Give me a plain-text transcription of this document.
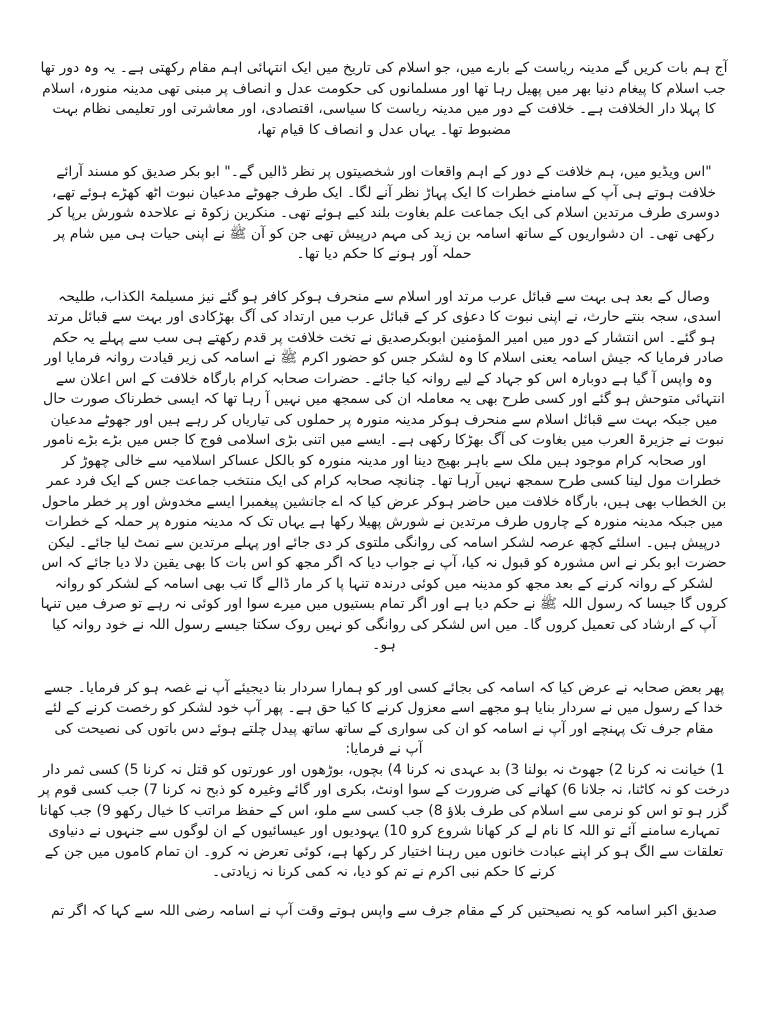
آج ہم بات کریں گے مدینہ ریاست کے بارے میں، جو اسلام کی تاریخ میں ایک انتہائی اہم مقام رکھتی ہے۔ یہ وہ دور تھا جب اسلام کا پیغام دنیا بھر میں پھیل رہا تھا اور مسلمانوں کی حکومت عدل و انصاف پر مبنی تھی مدینہ منورہ، اسلام کا پہلا دار الخلافت ہے۔ خلافت کے دور میں مدینہ ریاست کا سیاسی، اقتصادی، اور معاشرتی اور تعلیمی نظام بہت مضبوط تھا۔ یہاں عدل و انصاف کا قیام تھا،

"اس ویڈیو میں، ہم خلافت کے دور کے اہم واقعات اور شخصیتوں پر نظر ڈالیں گے۔" ابو بکر صدیق کو مسند آرائے خلافت ہوتے ہی آپ کے سامنے خطرات کا ایک پہاڑ نظر آنے لگا۔ ایک طرف جھوٹے مدعیان نبوت اٹھ کھڑے ہوئے تھے، دوسری طرف مرتدین اسلام کی ایک جماعت علم بغاوت بلند کیے ہوئے تھی۔ منکرین زکوۃ نے علاحدہ شورش برپا کر رکھی تھی۔ ان دشواریوں کے ساتھ اسامہ بن زید کی مہم درپیش تھی جن کو آن ﷺ نے اپنی حیات ہی میں شام پر حملہ آور ہونے کا حکم دیا تھا۔

وصال کے بعد ہی بہت سے قبائل عرب مرتد اور اسلام سے منحرف ہوکر کافر ہو گئے نیز مسیلمۃ الکذاب، طلیحہ اسدی، سجہ بنتے حارث، نے اپنی نبوت کا دعوٰی کر کے قبائل عرب میں ارتداد کی آگ بھڑکادی اور بہت سے قبائل مرتد ہو گئے۔ اس انتشار کے دور میں امیر المؤمنین ابوبکرصدیق نے تخت خلافت پر قدم رکھتے ہی سب سے پہلے یہ حکم صادر فرمایا کہ جیش اسامہ یعنی اسلام کا وہ لشکر جس کو حضور اکرم ﷺ نے اسامہ کی زیر قیادت روانہ فرمایا اور وہ واپس آ گیا ہے دوبارہ اس کو جہاد کے لیے روانہ کیا جائے۔ حضرات صحابہ کرام بارگاہ خلافت کے اس اعلان سے انتہائی متوحش ہو گئے اور کسی طرح بھی یہ معاملہ ان کی سمجھ میں نہیں آ رہا تھا کہ ایسی خطرناک صورت حال میں جبکہ بہت سے قبائل اسلام سے منحرف ہوکر مدینہ منورہ پر حملوں کی تیاریاں کر رہے ہیں اور جھوٹے مدعیان نبوت نے جزیرۃ العرب میں بغاوت کی آگ بھڑکا رکھی ہے۔ ایسے میں اتنی بڑی اسلامی فوج کا جس میں بڑے بڑے نامور اور صحابہ کرام موجود ہیں ملک سے باہر بھیج دینا اور مدینہ منورہ کو بالکل عساکر اسلامیہ سے خالی چھوڑ کر خطرات مول لینا کسی طرح سمجھ نہیں آرہا تھا۔ چنانچہ صحابہ کرام کی ایک منتخب جماعت جس کے ایک فرد عمر بن الخطاب بھی ہیں، بارگاہ خلافت میں حاضر ہوکر عرض کیا کہ اے جانشین پیغمبرا ایسے مخدوش اور پر خطر ماحول میں جبکہ مدینہ منورہ کے چاروں طرف مرتدین نے شورش پھیلا رکھا ہے یہاں تک کہ مدینہ منورہ پر حملہ کے خطرات درپیش ہیں۔ اسلئے کچھ عرصہ لشکر اسامہ کی روانگی ملتوی کر دی جائے اور پہلے مرتدین سے نمٹ لیا جائے۔ لیکن حضرت ابو بکر نے اس مشورہ کو قبول نہ کیا، آپ نے جواب دیا کہ اگر مجھ کو اس بات کا بھی یقین دلا دیا جائے کہ اس لشکر کے روانہ کرنے کے بعد مجھ کو مدینہ میں کوئی درندہ تنہا پا کر مار ڈالے گا تب بھی اسامہ کے لشکر کو روانہ کروں گا جیسا کہ رسول اللہ ﷺ نے حکم دیا ہے اور اگر تمام بستیوں میں میرے سوا اور کوئی نہ رہے تو صرف میں تنہا آپ کے ارشاد کی تعمیل کروں گا۔ میں اس لشکر کی روانگی کو نہیں روک سکتا جیسے رسول اللہ نے خود روانہ کیا ہو۔

پھر بعض صحابہ نے عرض کیا کہ اسامہ کی بجائے کسی اور کو ہمارا سردار بنا دیجیئے آپ نے غصہ ہو کر فرمایا۔ جسے خدا کے رسول میں نے سردار بنایا ہو مجھے اسے معزول کرنے کا کیا حق ہے۔ پھر آپ خود لشکر کو رخصت کرنے کے لئے مقام جرف تک پہنچے اور آپ نے اسامہ کو ان کی سواری کے ساتھ ساتھ پیدل چلتے ہوئے دس باتوں کی نصیحت کی

آپ نے فرمایا:

1) خیانت نہ کرنا 2) جھوٹ نہ بولنا 3) بد عہدی نہ کرنا 4) بچوں، بوڑھوں اور عورتوں کو قتل نہ کرنا 5) کسی ثمر دار درخت کو نہ کاٹنا، نہ جلانا 6) کھانے کی ضرورت کے سوا اونٹ، بکری اور گائے وغیرہ کو ذبح نہ کرنا 7) جب کسی قوم پر گزر ہو تو اس کو نرمی سے اسلام کی طرف بلاؤ 8) جب کسی سے ملو، اس کے حفظ مراتب کا خیال رکھو 9) جب کھانا تمہارے سامنے آئے تو اللہ کا نام لے کر کھانا شروع کرو 10) یہودیوں اور عیسائیوں کے ان لوگوں سے جنہوں نے دنیاوی تعلقات سے الگ ہو کر اپنے عبادت خانوں میں رہنا اختیار کر رکھا ہے، کوئی تعرض نہ کرو۔ ان تمام کاموں میں جن کے کرنے کا حکم نبی اکرم نے تم کو دیا، نہ کمی کرنا نہ زیادتی۔

صدیق اکبر اسامہ کو یہ نصیحتیں کر کے مقام جرف سے واپس ہوتے وقت آپ نے اسامہ رضی اللہ سے کہا کہ اگر تم
